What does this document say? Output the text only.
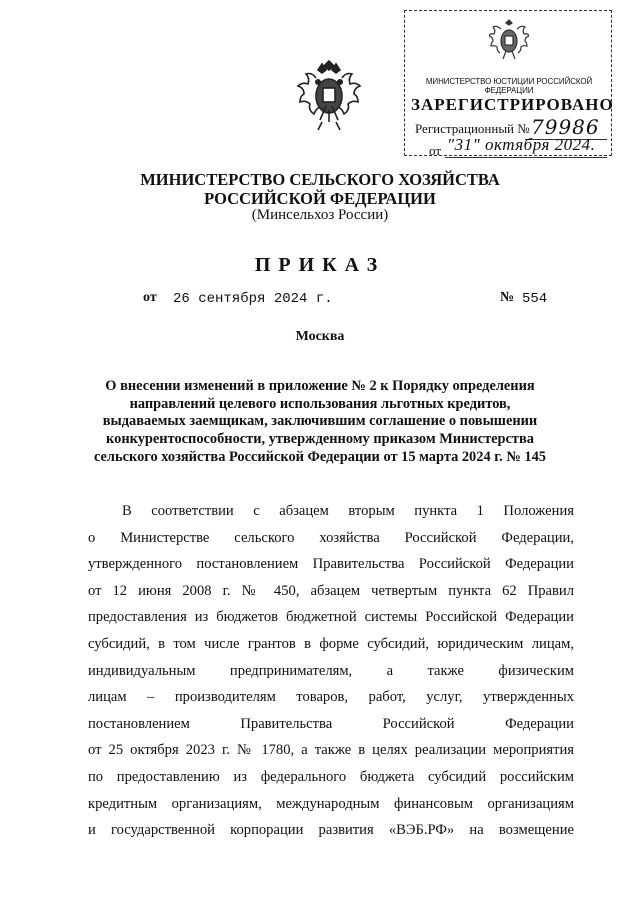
МИНИСТЕРСТВО ЮСТИЦИИ РОССИЙСКОЙ ФЕДЕРАЦИИ
ЗАРЕГИСТРИРОВАНО
Регистрационный № 79986
от "31" октября 2024.
МИНИСТЕРСТВО СЕЛЬСКОГО ХОЗЯЙСТВА
РОССИЙСКОЙ ФЕДЕРАЦИИ
(Минсельхоз России)
ПРИКАЗ
от 26 сентября 2024 г.	№ 554
Москва
О внесении изменений в приложение № 2 к Порядку определения
направлений целевого использования льготных кредитов,
выдаваемых заемщикам, заключившим соглашение о повышении
конкурентоспособности, утвержденному приказом Министерства
сельского хозяйства Российской Федерации от 15 марта 2024 г. № 145
В соответствии с абзацем вторым пункта 1 Положения
о Министерстве сельского хозяйства Российской Федерации,
утвержденного постановлением Правительства Российской Федерации
от 12 июня 2008 г. № 450, абзацем четвертым пункта 62 Правил
предоставления из бюджетов бюджетной системы Российской Федерации
субсидий, в том числе грантов в форме субсидий, юридическим лицам,
индивидуальным предпринимателям, а также физическим
лицам – производителям товаров, работ, услуг, утвержденных
постановлением Правительства Российской Федерации
от 25 октября 2023 г. № 1780, а также в целях реализации мероприятия
по предоставлению из федерального бюджета субсидий российским
кредитным организациям, международным финансовым организациям
и государственной корпорации развития «ВЭБ.РФ» на возмещение
